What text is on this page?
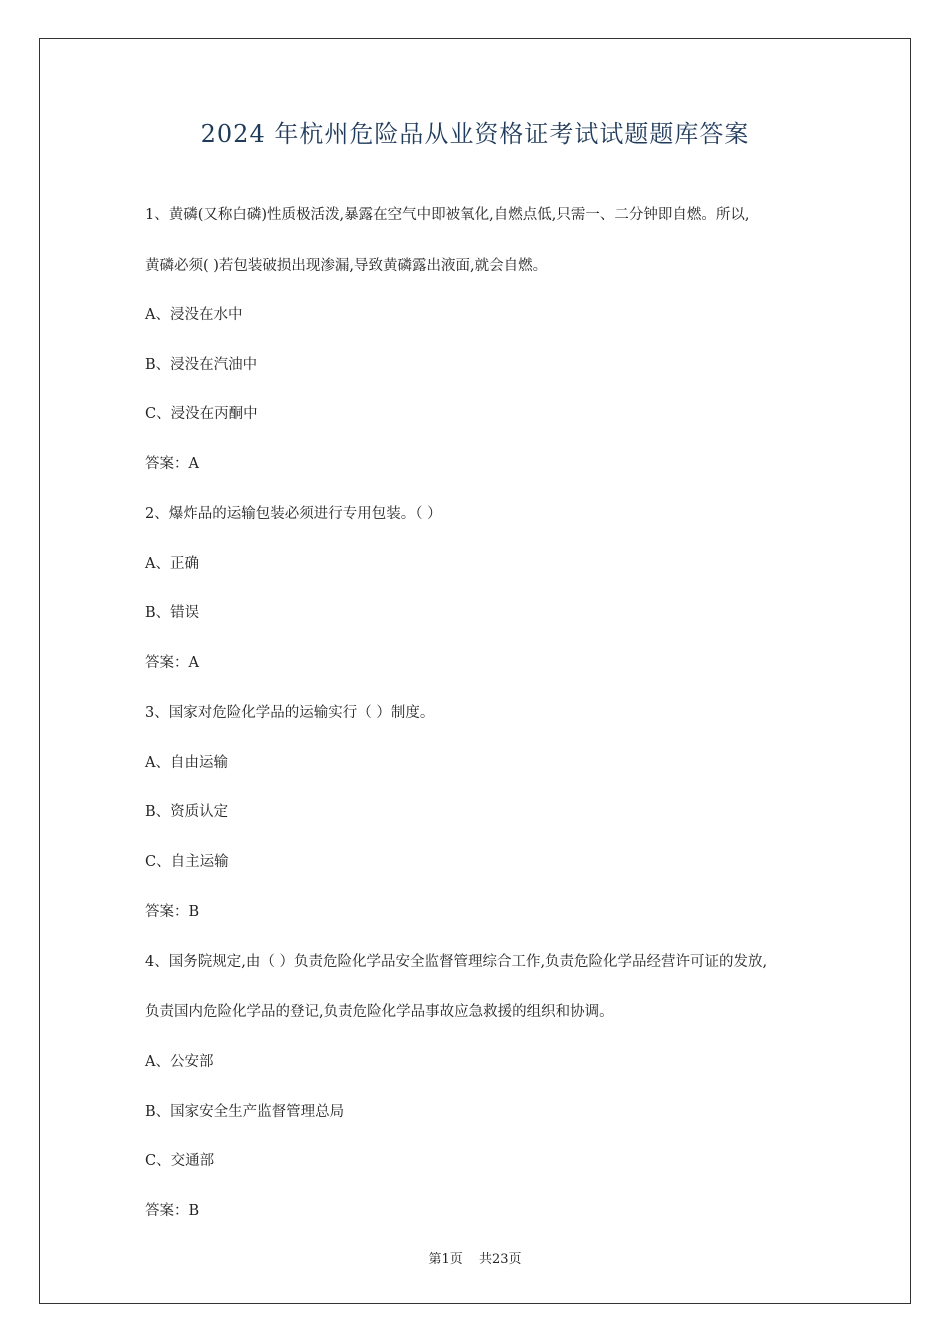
2024 年杭州危险品从业资格证考试试题题库答案
1、黄磷(又称白磷)性质极活泼,暴露在空气中即被氧化,自燃点低,只需一、二分钟即自燃。所以,
黄磷必须( )若包装破损出现渗漏,导致黄磷露出液面,就会自燃。
A、浸没在水中
B、浸没在汽油中
C、浸没在丙酮中
答案：A
2、爆炸品的运输包装必须进行专用包装。（ ）
A、正确
B、错误
答案：A
3、国家对危险化学品的运输实行（ ）制度。
A、自由运输
B、资质认定
C、自主运输
答案：B
4、国务院规定,由（ ）负责危险化学品安全监督管理综合工作,负责危险化学品经营许可证的发放,
负责国内危险化学品的登记,负责危险化学品事故应急救援的组织和协调。
A、公安部
B、国家安全生产监督管理总局
C、交通部
答案：B
第1页 共23页
